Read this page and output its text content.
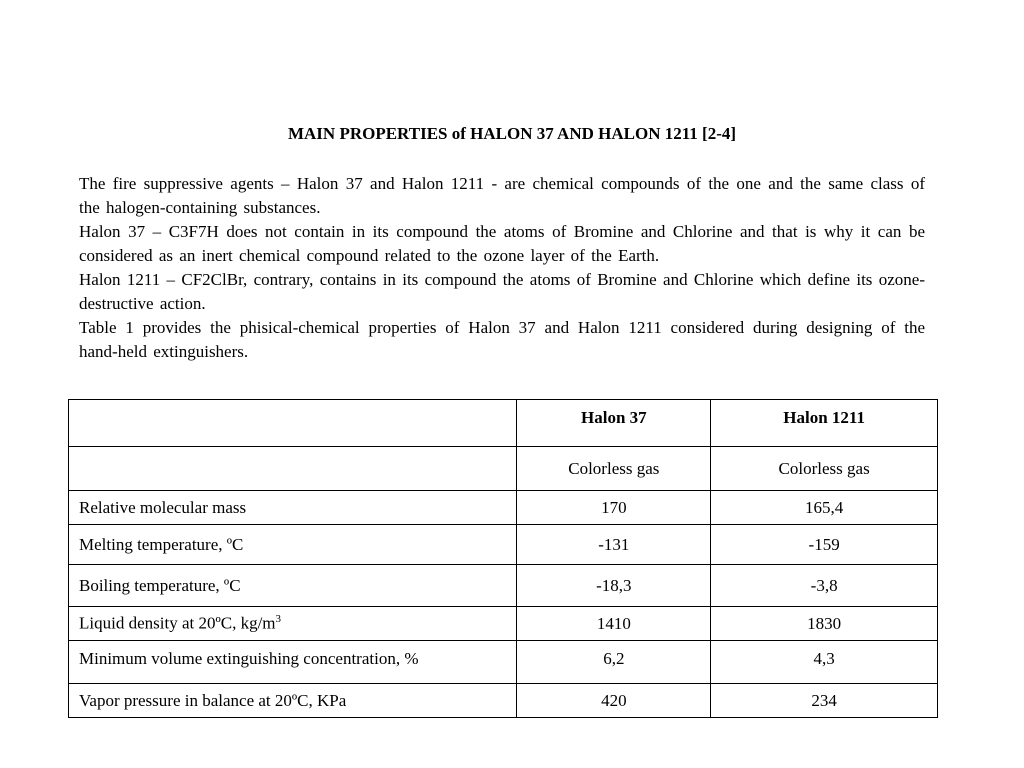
MAIN PROPERTIES of HALON 37 AND HALON 1211 [2-4]

The fire suppressive agents – Halon 37 and Halon 1211 - are chemical compounds of the one and the same class of the halogen-containing substances.

Halon 37 – C3F7H does not contain in its compound the atoms of Bromine and Chlorine and that is why it can be considered as an inert chemical compound related to the ozone layer of the Earth.

Halon 1211 – CF2ClBr, contrary, contains in its compound the atoms of Bromine and Chlorine which define its ozone-destructive action.

Table 1 provides the phisical-chemical properties of Halon 37 and Halon 1211 considered during designing of the hand-held extinguishers.

	Halon 37	Halon 1211
	Colorless gas	Colorless gas
Relative molecular mass	170	165,4
Melting temperature, ºC	-131	-159
Boiling temperature, ºC	-18,3	-3,8
Liquid density at 20ºC, $kg/m^3$	1410	1830
Minimum volume extinguishing concentration, %	6,2	4,3
Vapor pressure in balance at 20ºC, KPa	420	234
